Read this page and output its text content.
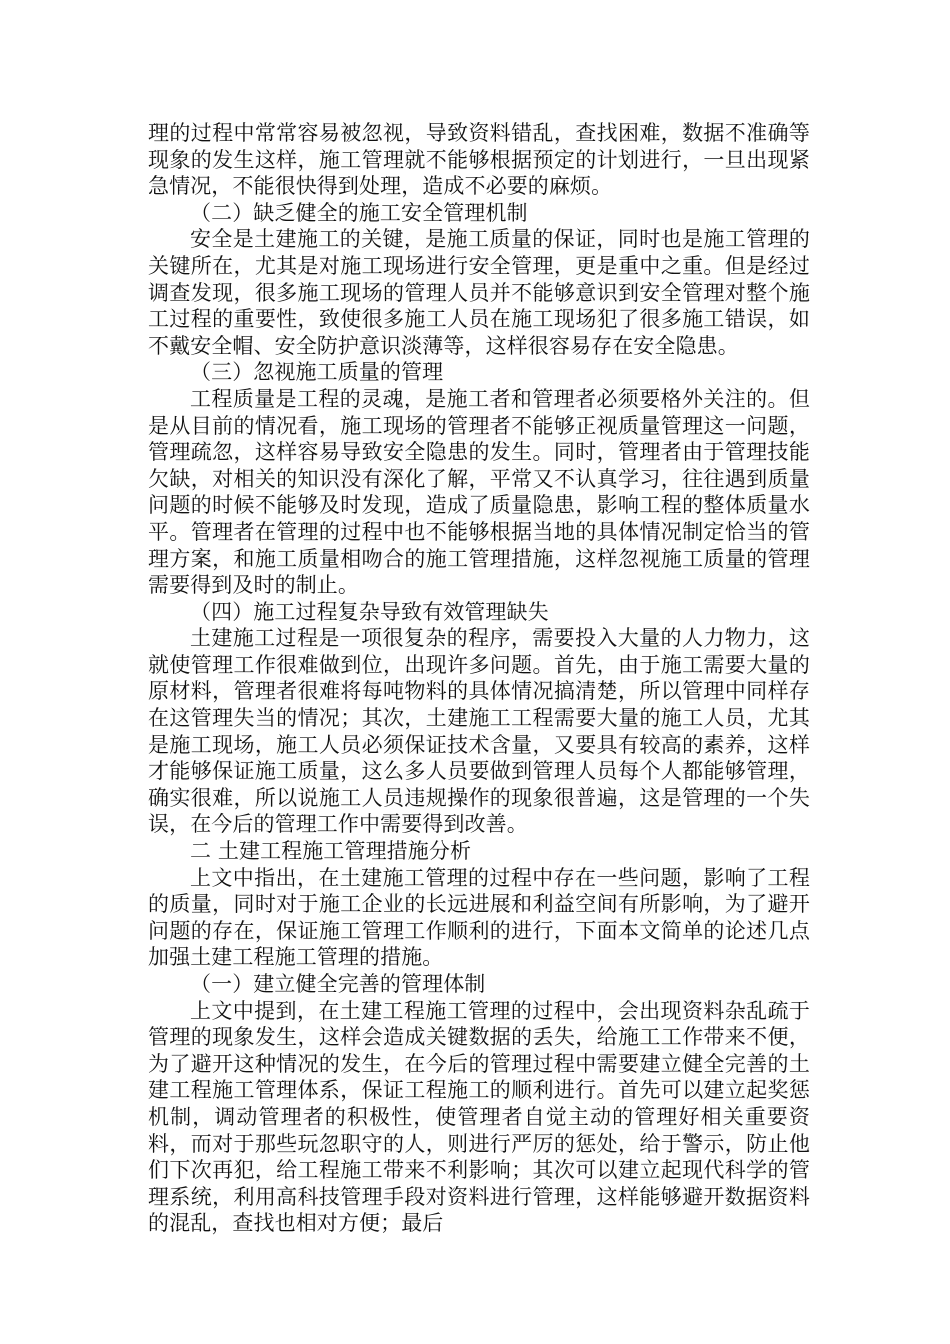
理的过程中常常容易被忽视，导致资料错乱，查找困难，数据不准确等现象的发生这样，施工管理就不能够根据预定的计划进行，一旦出现紧急情况，不能很快得到处理，造成不必要的麻烦。

（二）缺乏健全的施工安全管理机制

安全是土建施工的关键，是施工质量的保证，同时也是施工管理的关键所在，尤其是对施工现场进行安全管理，更是重中之重。但是经过调查发现，很多施工现场的管理人员并不能够意识到安全管理对整个施工过程的重要性，致使很多施工人员在施工现场犯了很多施工错误，如不戴安全帽、安全防护意识淡薄等，这样很容易存在安全隐患。

（三）忽视施工质量的管理

工程质量是工程的灵魂，是施工者和管理者必须要格外关注的。但是从目前的情况看，施工现场的管理者不能够正视质量管理这一问题，管理疏忽，这样容易导致安全隐患的发生。同时，管理者由于管理技能欠缺，对相关的知识没有深化了解，平常又不认真学习，往往遇到质量问题的时候不能够及时发现，造成了质量隐患，影响工程的整体质量水平。管理者在管理的过程中也不能够根据当地的具体情况制定恰当的管理方案，和施工质量相吻合的施工管理措施，这样忽视施工质量的管理需要得到及时的制止。

（四）施工过程复杂导致有效管理缺失

土建施工过程是一项很复杂的程序，需要投入大量的人力物力，这就使管理工作很难做到位，出现许多问题。首先，由于施工需要大量的原材料，管理者很难将每吨物料的具体情况搞清楚，所以管理中同样存在这管理失当的情况；其次，土建施工工程需要大量的施工人员，尤其是施工现场，施工人员必须保证技术含量，又要具有较高的素养，这样才能够保证施工质量，这么多人员要做到管理人员每个人都能够管理，确实很难，所以说施工人员违规操作的现象很普遍，这是管理的一个失误，在今后的管理工作中需要得到改善。

二 土建工程施工管理措施分析

上文中指出，在土建施工管理的过程中存在一些问题，影响了工程的质量，同时对于施工企业的长远进展和利益空间有所影响，为了避开问题的存在，保证施工管理工作顺利的进行，下面本文简单的论述几点加强土建工程施工管理的措施。

（一）建立健全完善的管理体制

上文中提到，在土建工程施工管理的过程中，会出现资料杂乱疏于管理的现象发生，这样会造成关键数据的丢失，给施工工作带来不便，为了避开这种情况的发生，在今后的管理过程中需要建立健全完善的土建工程施工管理体系，保证工程施工的顺利进行。首先可以建立起奖惩机制，调动管理者的积极性，使管理者自觉主动的管理好相关重要资料，而对于那些玩忽职守的人，则进行严厉的惩处，给于警示，防止他们下次再犯，给工程施工带来不利影响；其次可以建立起现代科学的管理系统，利用高科技管理手段对资料进行管理，这样能够避开数据资料的混乱，查找也相对方便；最后
